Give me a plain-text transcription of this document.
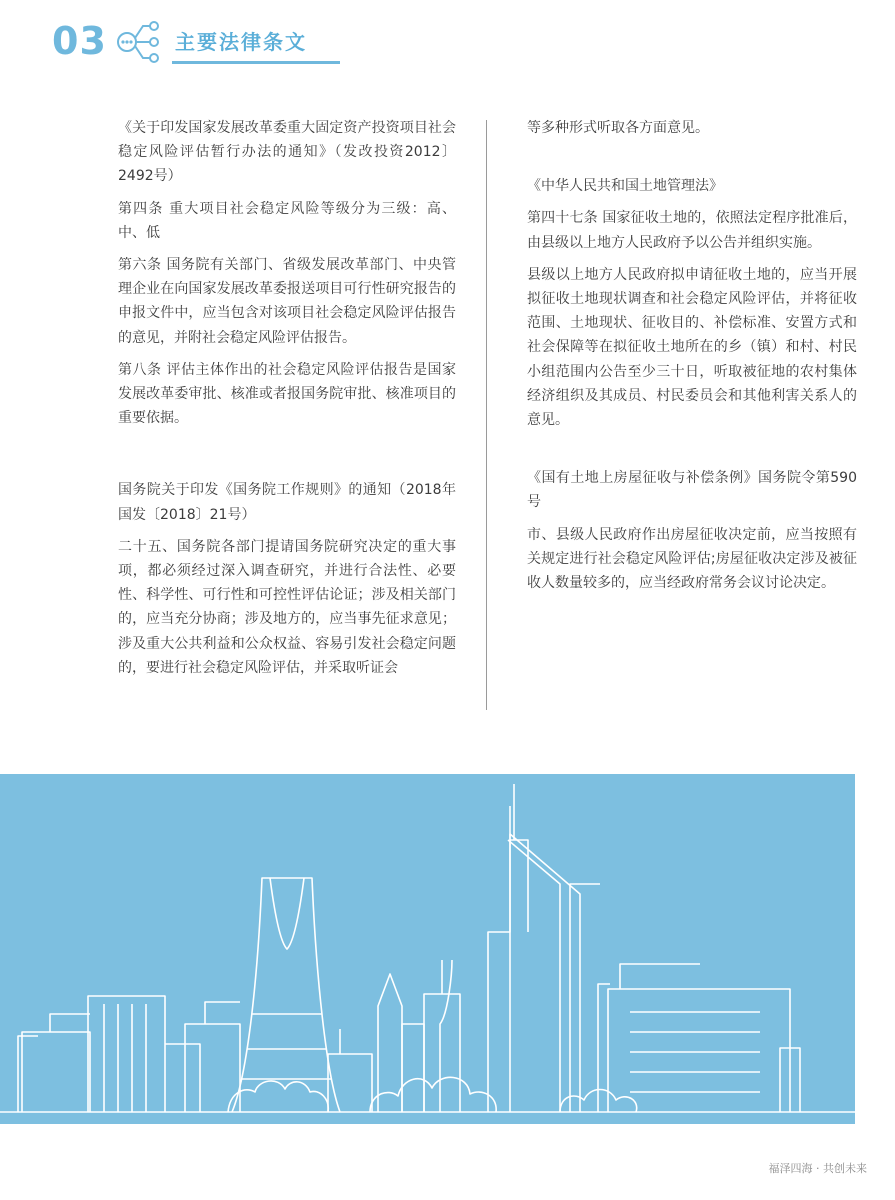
03	主要法律条文

《关于印发国家发展改革委重大固定资产投资项目社会稳定风险评估暂行办法的通知》（发改投资2012〕2492号）

第四条 重大项目社会稳定风险等级分为三级：高、中、低

第六条 国务院有关部门、省级发展改革部门、中央管理企业在向国家发展改革委报送项目可行性研究报告的申报文件中，应当包含对该项目社会稳定风险评估报告的意见，并附社会稳定风险评估报告。

第八条 评估主体作出的社会稳定风险评估报告是国家发展改革委审批、核准或者报国务院审批、核准项目的重要依据。

国务院关于印发《国务院工作规则》的通知（2018年国发〔2018〕21号）

二十五、国务院各部门提请国务院研究决定的重大事项，都必须经过深入调查研究，并进行合法性、必要性、科学性、可行性和可控性评估论证；涉及相关部门的，应当充分协商；涉及地方的，应当事先征求意见；涉及重大公共利益和公众权益、容易引发社会稳定问题的，要进行社会稳定风险评估，并采取听证会

等多种形式听取各方面意见。

《中华人民共和国土地管理法》

第四十七条 国家征收土地的，依照法定程序批准后，由县级以上地方人民政府予以公告并组织实施。

县级以上地方人民政府拟申请征收土地的，应当开展拟征收土地现状调查和社会稳定风险评估，并将征收范围、土地现状、征收目的、补偿标准、安置方式和社会保障等在拟征收土地所在的乡（镇）和村、村民小组范围内公告至少三十日，听取被征地的农村集体经济组织及其成员、村民委员会和其他利害关系人的意见。

《国有土地上房屋征收与补偿条例》国务院令第590号

市、县级人民政府作出房屋征收决定前，应当按照有关规定进行社会稳定风险评估;房屋征收决定涉及被征收人数量较多的，应当经政府常务会议讨论决定。

福泽四海 · 共创未来
